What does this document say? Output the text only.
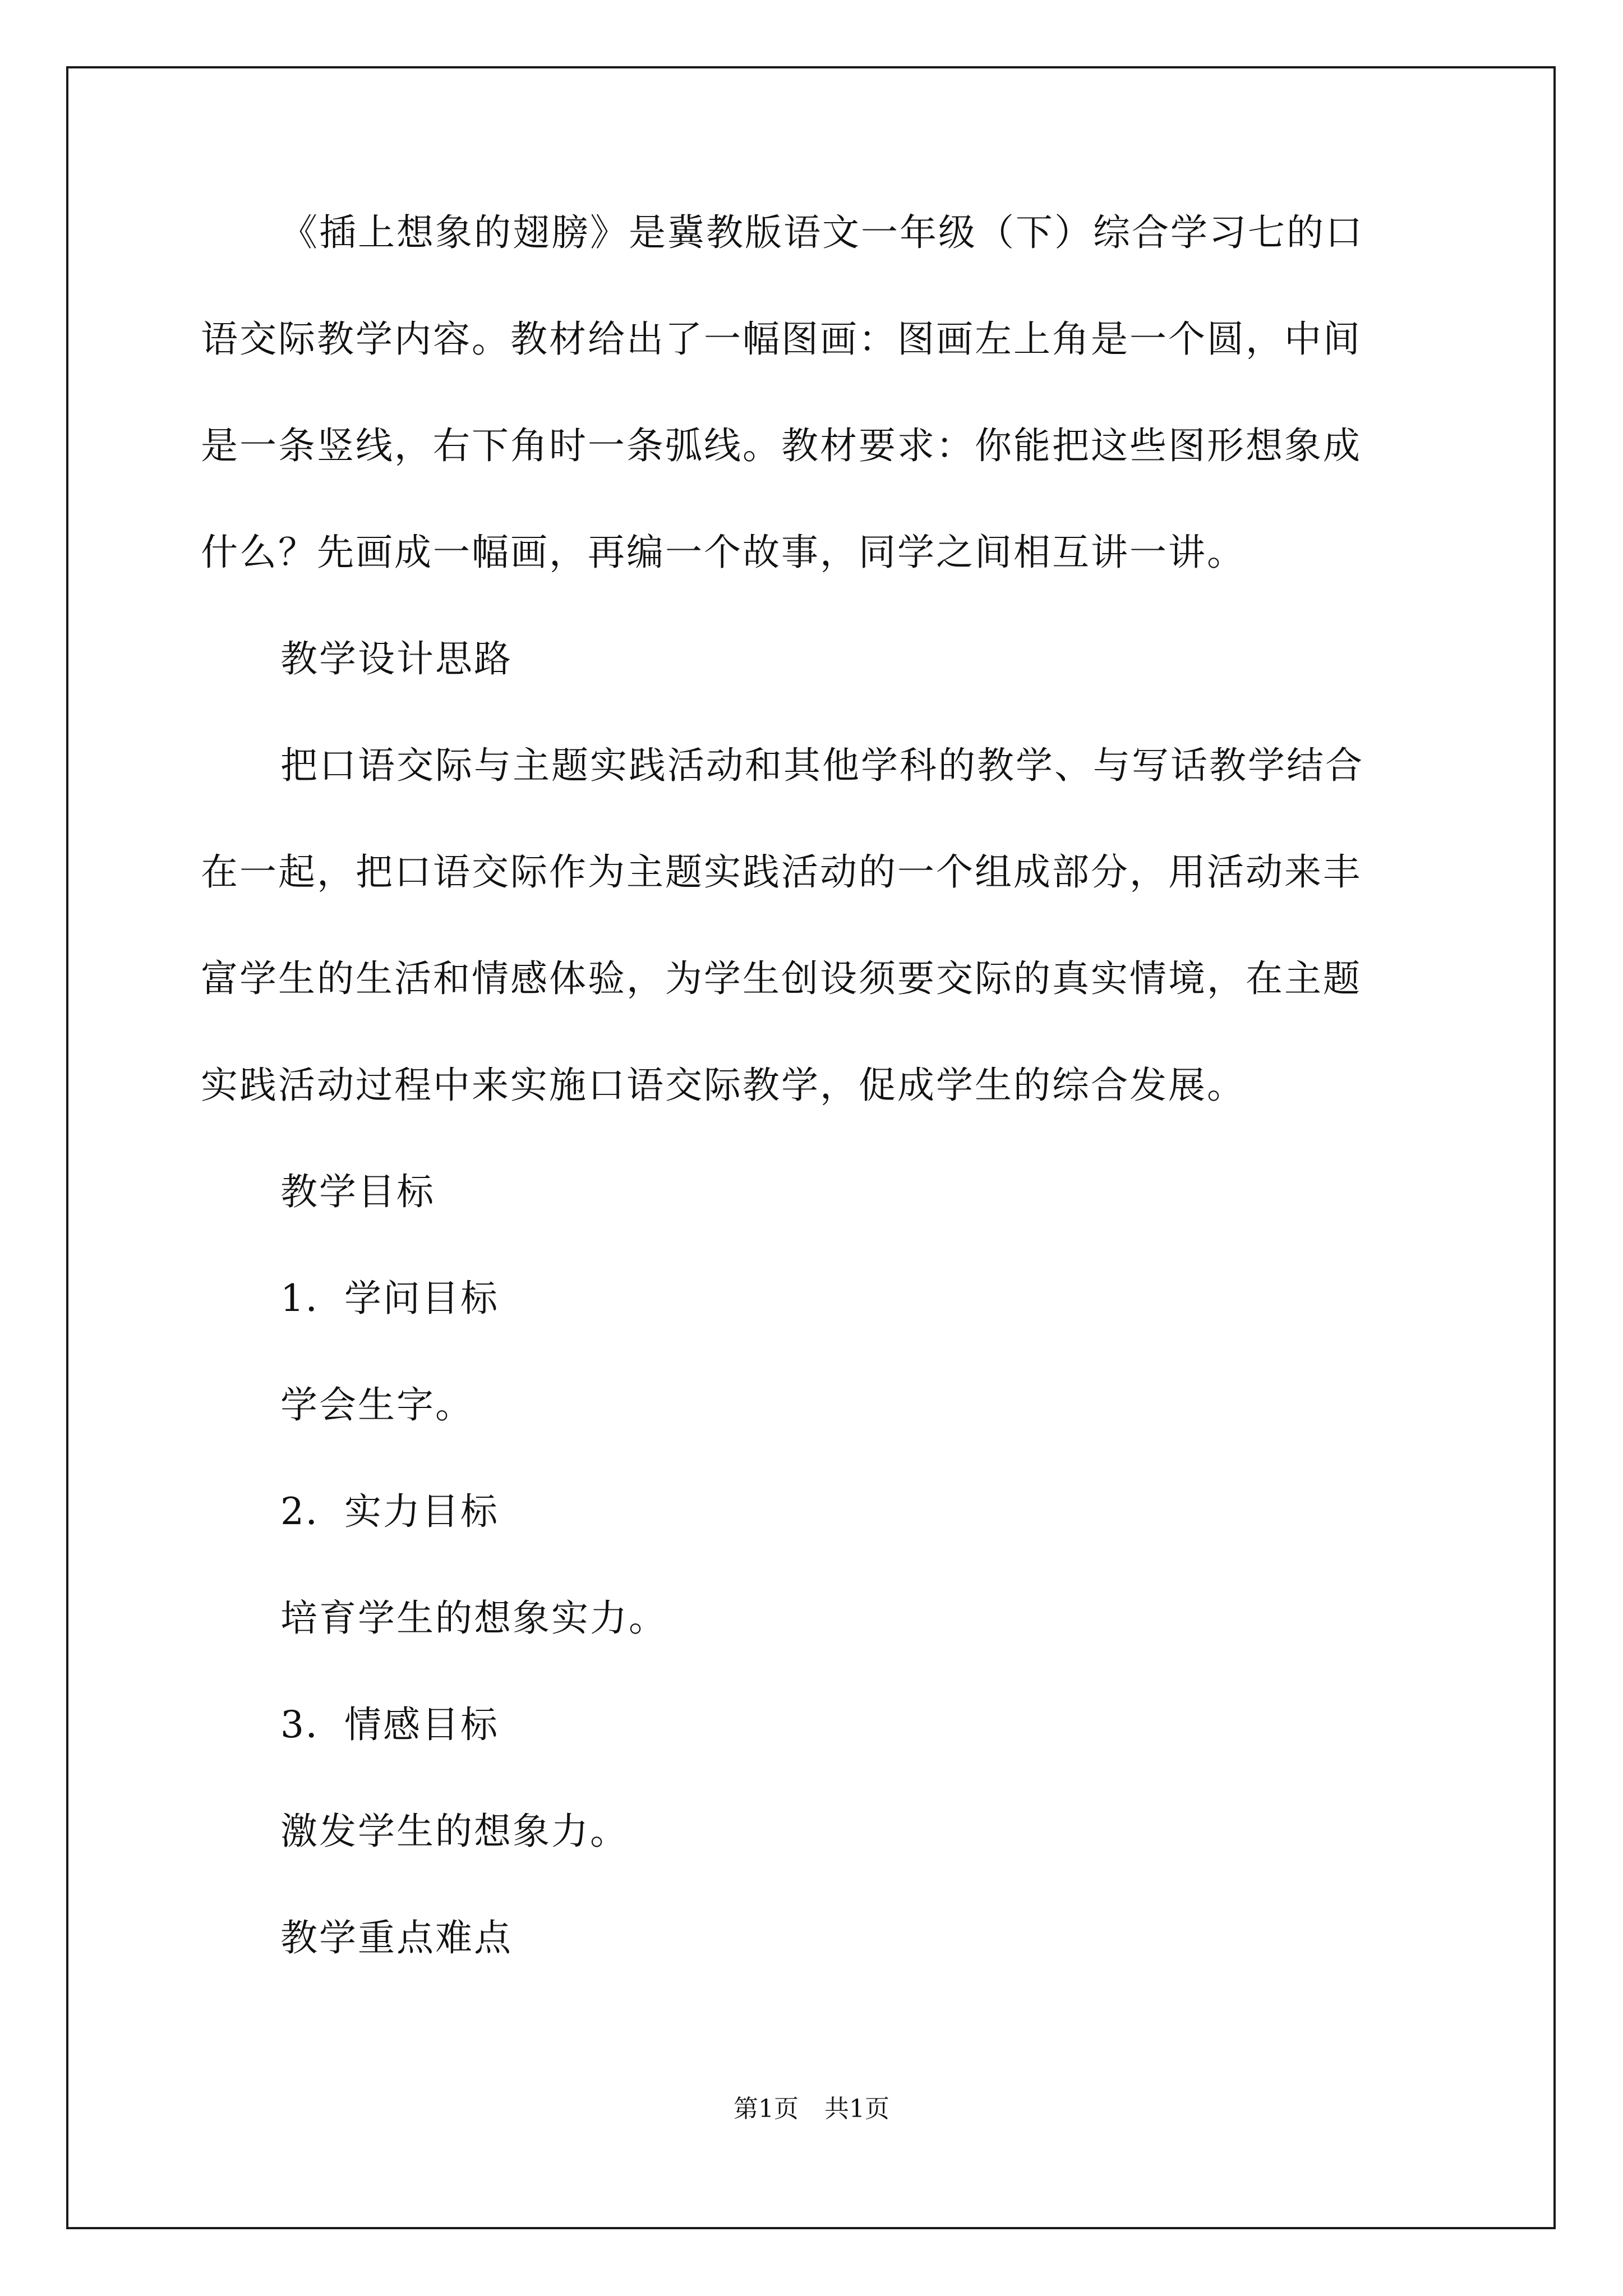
《插上想象的翅膀》是冀教版语文一年级（下）综合学习七的口
语交际教学内容。教材给出了一幅图画：图画左上角是一个圆，中间
是一条竖线，右下角时一条弧线。教材要求：你能把这些图形想象成
什么？先画成一幅画，再编一个故事，同学之间相互讲一讲。
教学设计思路
把口语交际与主题实践活动和其他学科的教学、与写话教学结合
在一起，把口语交际作为主题实践活动的一个组成部分，用活动来丰
富学生的生活和情感体验，为学生创设须要交际的真实情境，在主题
实践活动过程中来实施口语交际教学，促成学生的综合发展。
教学目标
1．学问目标
学会生字。
2．实力目标
培育学生的想象实力。
3．情感目标
激发学生的想象力。
教学重点难点
第1页 共1页
